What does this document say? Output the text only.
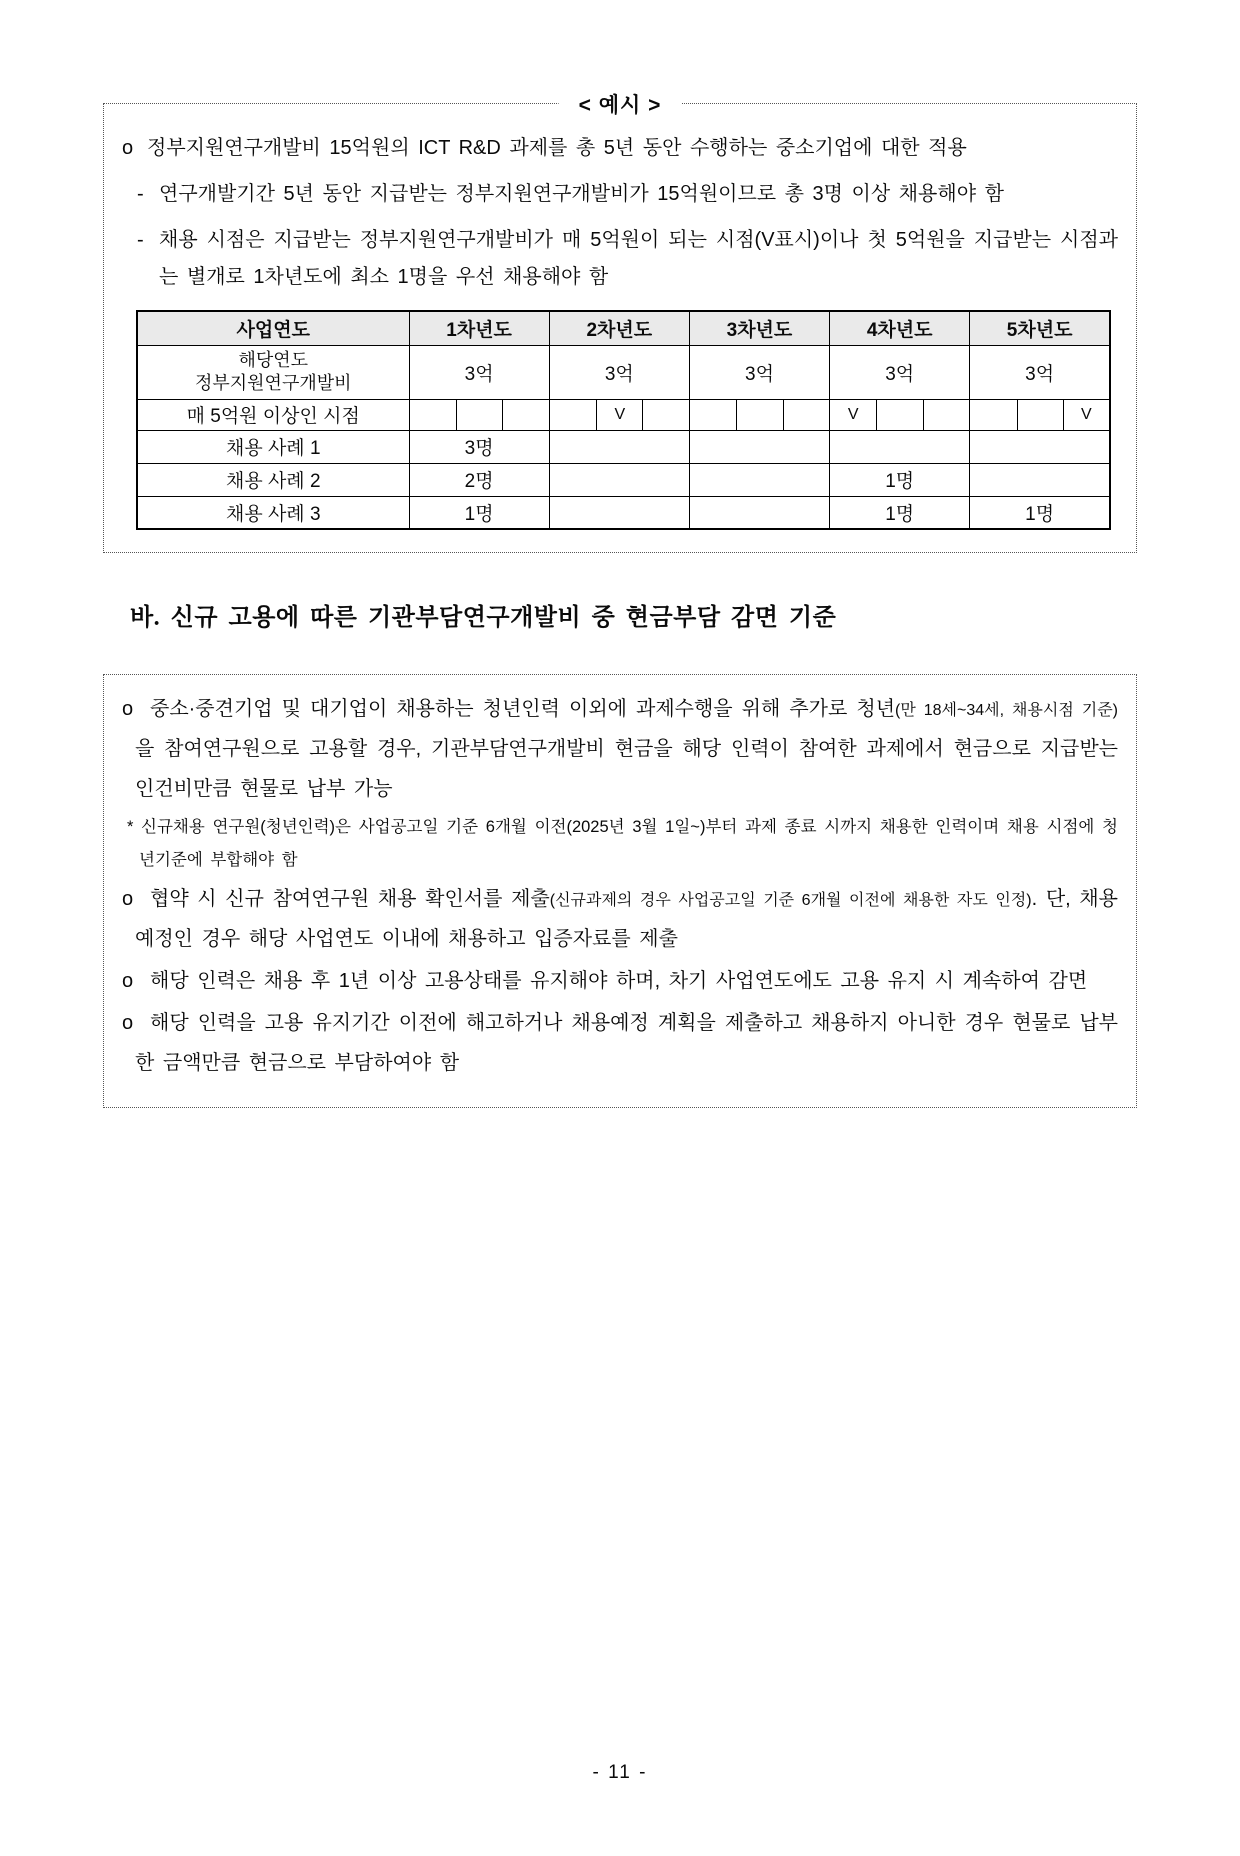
< 예시 >
o 정부지원연구개발비 15억원의 ICT R&D 과제를 총 5년 동안 수행하는 중소기업에 대한 적용
- 연구개발기간 5년 동안 지급받는 정부지원연구개발비가 15억원이므로 총 3명 이상 채용해야 함
- 채용 시점은 지급받는 정부지원연구개발비가 매 5억원이 되는 시점(V표시)이나 첫 5억원을 지급받는 시점과는 별개로 1차년도에 최소 1명을 우선 채용해야 함
사업연도	1차년도	2차년도	3차년도	4차년도	5차년도

해당연도
정부지원연구개발비	3억	3억	3억	3억	3억
매 5억원 이상인 시점		V		V	V

채용 사례 1	3명				
채용 사례 2	2명			1명	
채용 사례 3	1명			1명	1명
바. 신규 고용에 따른 기관부담연구개발비 중 현금부담 감면 기준
o 중소·중견기업 및 대기업이 채용하는 청년인력 이외에 과제수행을 위해 추가로 청년(만 18세~34세, 채용시점 기준)을 참여연구원으로 고용할 경우, 기관부담연구개발비 현금을 해당 인력이 참여한 과제에서 현금으로 지급받는 인건비만큼 현물로 납부 가능
* 신규채용 연구원(청년인력)은 사업공고일 기준 6개월 이전(2025년 3월 1일~)부터 과제 종료 시까지 채용한 인력이며 채용 시점에 청년기준에 부합해야 함
o 협약 시 신규 참여연구원 채용 확인서를 제출(신규과제의 경우 사업공고일 기준 6개월 이전에 채용한 자도 인정). 단, 채용예정인 경우 해당 사업연도 이내에 채용하고 입증자료를 제출
o 해당 인력은 채용 후 1년 이상 고용상태를 유지해야 하며, 차기 사업연도에도 고용 유지 시 계속하여 감면
o 해당 인력을 고용 유지기간 이전에 해고하거나 채용예정 계획을 제출하고 채용하지 아니한 경우 현물로 납부한 금액만큼 현금으로 부담하여야 함
- 11 -
